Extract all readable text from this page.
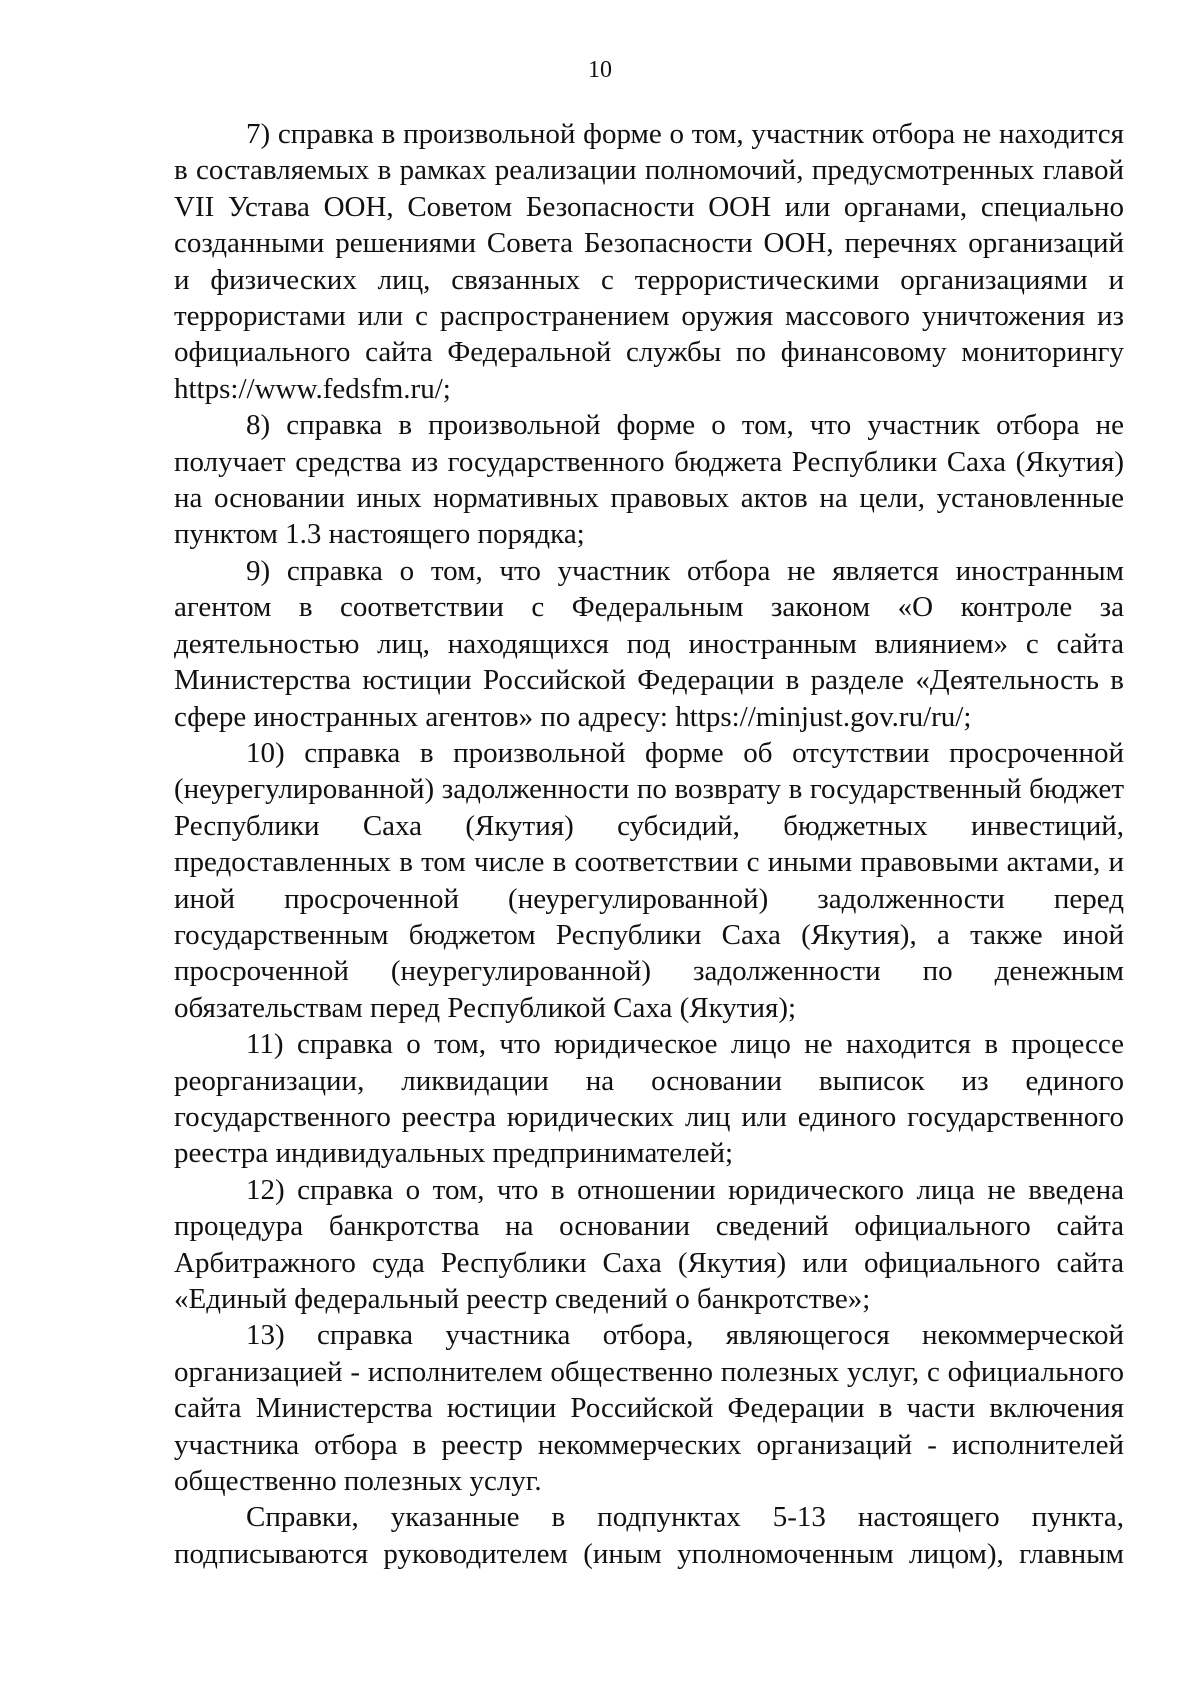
10

7) справка в произвольной форме о том, участник отбора не находится в составляемых в рамках реализации полномочий, предусмотренных главой VII Устава ООН, Советом Безопасности ООН или органами, специально созданными решениями Совета Безопасности ООН, перечнях организаций и физических лиц, связанных с террористическими организациями и террористами или с распространением оружия массового уничтожения из официального сайта Федеральной службы по финансовому мониторингу https://www.fedsfm.ru/;

8) справка в произвольной форме о том, что участник отбора не получает средства из государственного бюджета Республики Саха (Якутия) на основании иных нормативных правовых актов на цели, установленные пунктом 1.3 настоящего порядка;

9) справка о том, что участник отбора не является иностранным агентом в соответствии с Федеральным законом «О контроле за деятельностью лиц, находящихся под иностранным влиянием» с сайта Министерства юстиции Российской Федерации в разделе «Деятельность в сфере иностранных агентов» по адресу: https://minjust.gov.ru/ru/;

10) справка в произвольной форме об отсутствии просроченной (неурегулированной) задолженности по возврату в государственный бюджет Республики Саха (Якутия) субсидий, бюджетных инвестиций, предоставленных в том числе в соответствии с иными правовыми актами, и иной просроченной (неурегулированной) задолженности перед государственным бюджетом Республики Саха (Якутия), а также иной просроченной (неурегулированной) задолженности по денежным обязательствам перед Республикой Саха (Якутия);

11) справка о том, что юридическое лицо не находится в процессе реорганизации, ликвидации на основании выписок из единого государственного реестра юридических лиц или единого государственного реестра индивидуальных предпринимателей;

12) справка о том, что в отношении юридического лица не введена процедура банкротства на основании сведений официального сайта Арбитражного суда Республики Саха (Якутия) или официального сайта «Единый федеральный реестр сведений о банкротстве»;

13) справка участника отбора, являющегося некоммерческой организацией - исполнителем общественно полезных услуг, с официального сайта Министерства юстиции Российской Федерации в части включения участника отбора в реестр некоммерческих организаций - исполнителей общественно полезных услуг.

Справки, указанные в подпунктах 5-13 настоящего пункта, подписываются руководителем (иным уполномоченным лицом), главным
